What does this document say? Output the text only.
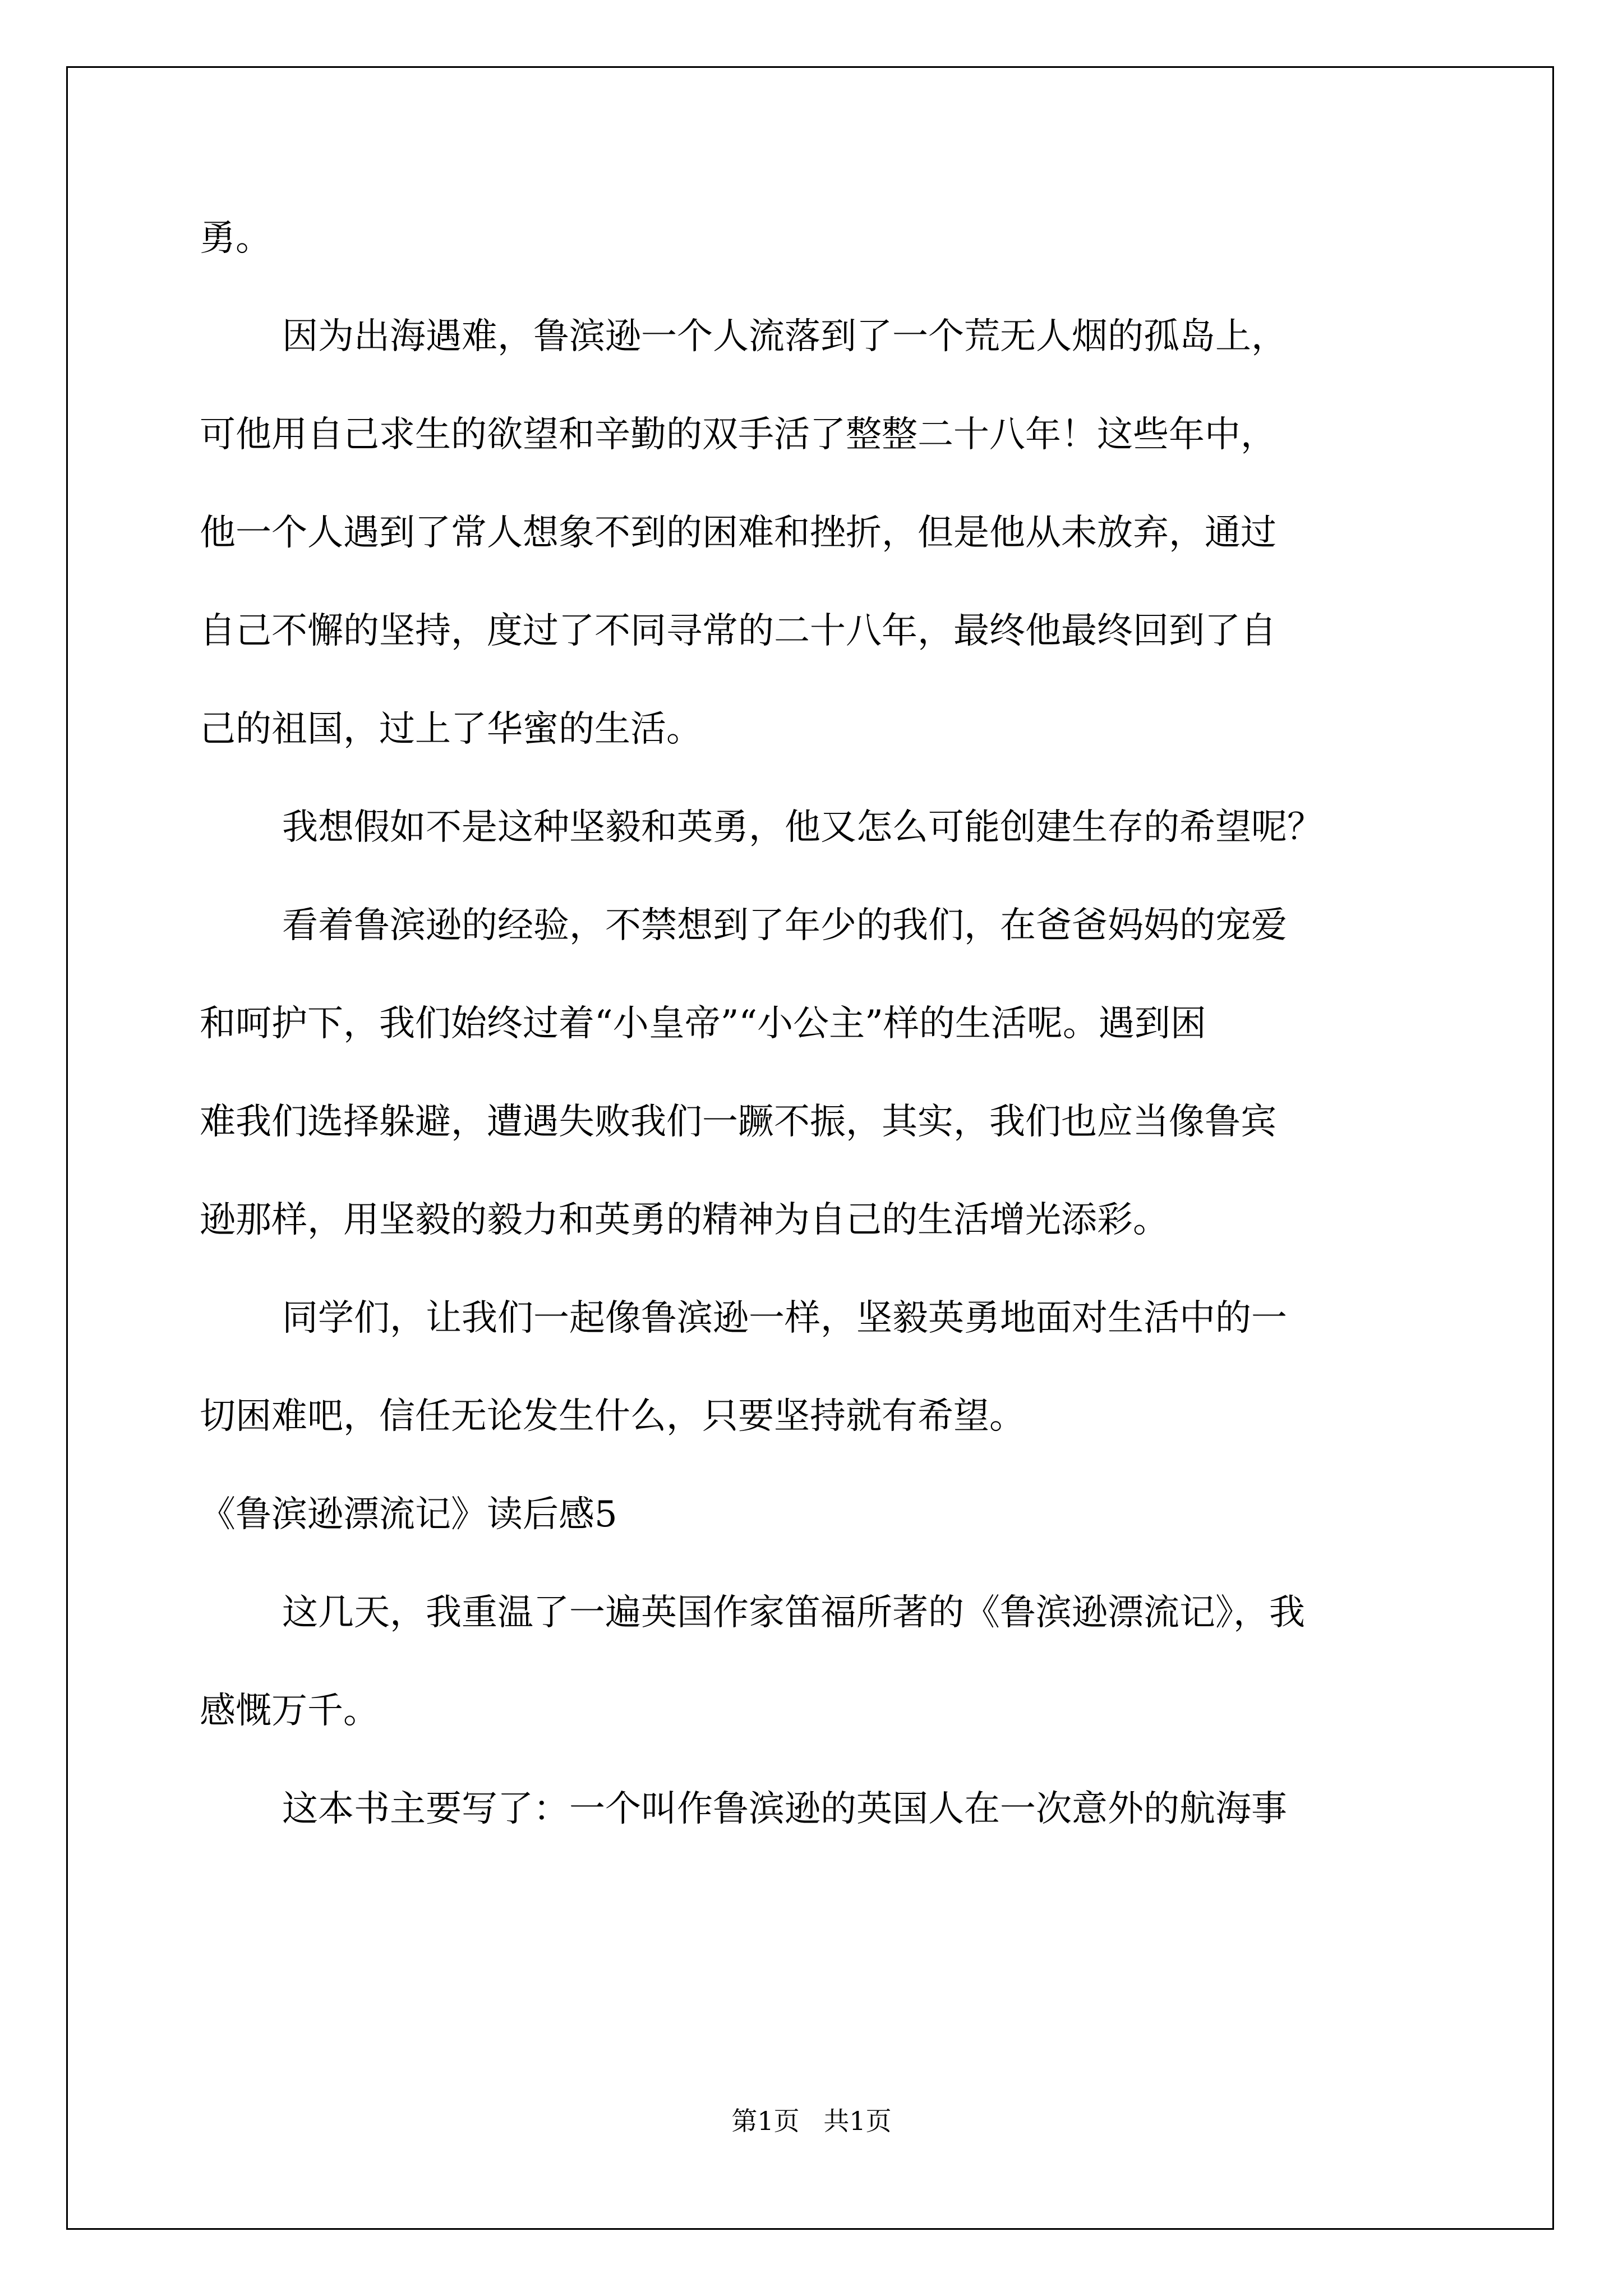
勇。

因为出海遇难，鲁滨逊一个人流落到了一个荒无人烟的孤岛上，

可他用自己求生的欲望和辛勤的双手活了整整二十八年！这些年中，

他一个人遇到了常人想象不到的困难和挫折，但是他从未放弃，通过

自己不懈的坚持，度过了不同寻常的二十八年，最终他最终回到了自

己的祖国，过上了华蜜的生活。

我想假如不是这种坚毅和英勇，他又怎么可能创建生存的希望呢？

看着鲁滨逊的经验，不禁想到了年少的我们，在爸爸妈妈的宠爱

和呵护下，我们始终过着“小皇帝”“小公主”样的生活呢。遇到困

难我们选择躲避，遭遇失败我们一蹶不振，其实，我们也应当像鲁宾

逊那样，用坚毅的毅力和英勇的精神为自己的生活增光添彩。

同学们，让我们一起像鲁滨逊一样，坚毅英勇地面对生活中的一

切困难吧，信任无论发生什么，只要坚持就有希望。

《鲁滨逊漂流记》读后感5

这几天，我重温了一遍英国作家笛福所著的《鲁滨逊漂流记》，我

感慨万千。

这本书主要写了：一个叫作鲁滨逊的英国人在一次意外的航海事

第1页 共1页
